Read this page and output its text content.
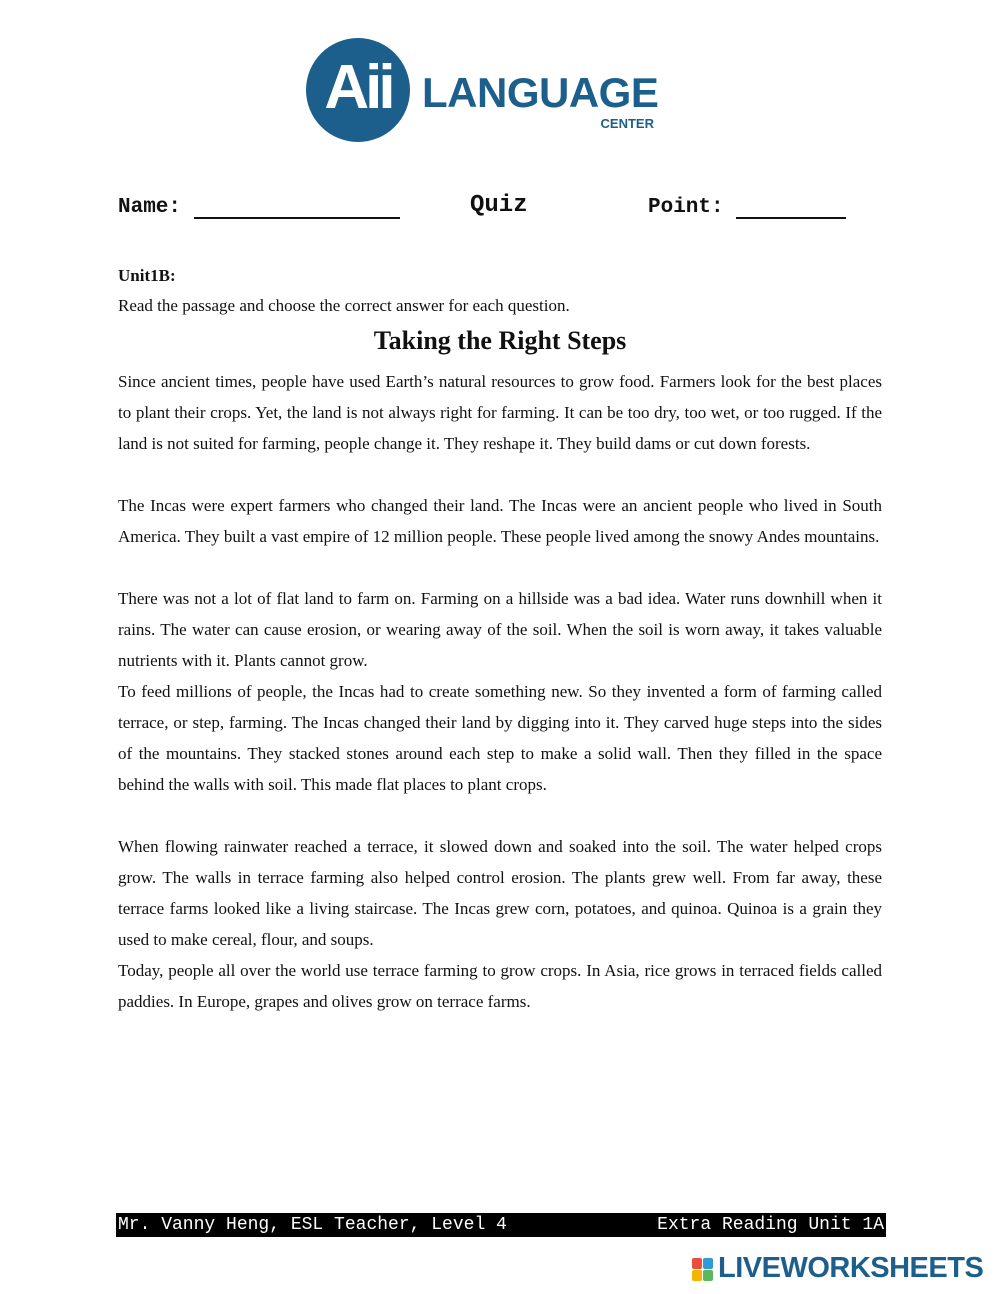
Aii LANGUAGE
CENTER
Name:	Quiz	Point:
Unit1B:
Read the passage and choose the correct answer for each question.
Taking the Right Steps

Since ancient times, people have used Earth’s natural resources to grow food. Farmers look for the best places to plant their crops. Yet, the land is not always right for farming. It can be too dry, too wet, or too rugged. If the land is not suited for farming, people change it. They reshape it. They build dams or cut down forests.

The Incas were expert farmers who changed their land. The Incas were an ancient people who lived in South America. They built a vast empire of 12 million people. These people lived among the snowy Andes mountains.

There was not a lot of flat land to farm on. Farming on a hillside was a bad idea. Water runs downhill when it rains. The water can cause erosion, or wearing away of the soil. When the soil is worn away, it takes valuable nutrients with it. Plants cannot grow.

To feed millions of people, the Incas had to create something new. So they invented a form of farming called terrace, or step, farming. The Incas changed their land by digging into it. They carved huge steps into the sides of the mountains. They stacked stones around each step to make a solid wall. Then they filled in the space behind the walls with soil. This made flat places to plant crops.

When flowing rainwater reached a terrace, it slowed down and soaked into the soil. The water helped crops grow. The walls in terrace farming also helped control erosion. The plants grew well. From far away, these terrace farms looked like a living staircase. The Incas grew corn, potatoes, and quinoa. Quinoa is a grain they used to make cereal, flour, and soups.

Today, people all over the world use terrace farming to grow crops. In Asia, rice grows in terraced fields called paddies. In Europe, grapes and olives grow on terrace farms.

Mr. Vanny Heng, ESL Teacher, Level 4	Extra Reading Unit 1A
LIVEWORKSHEETS
